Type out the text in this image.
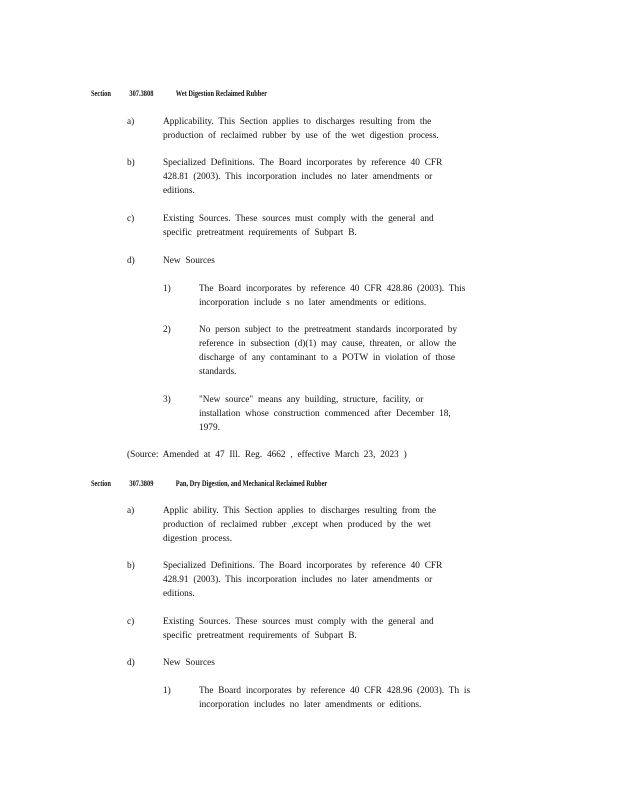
Section 307.3808	Wet Digestion Reclaimed Rubber
a)	Applicability. This Section applies to discharges resulting from the
production of reclaimed rubber by use of the wet digestion process.
b)	Specialized Definitions. The Board incorporates by reference 40 CFR
428.81 (2003). This incorporation includes no later amendments or
editions.
c)	Existing Sources. These sources must comply with the general and
specific pretreatment requirements of Subpart B.
d)	New Sources
1)	The Board incorporates by reference 40 CFR 428.86 (2003). This
incorporation include s no later amendments or editions.
2)	No person subject to the pretreatment standards incorporated by
reference in subsection (d)(1) may cause, threaten, or allow the
discharge of any contaminant to a POTW in violation of those
standards.
3)	"New source" means any building, structure, facility, or
installation whose construction commenced after December 18,
1979.
(Source: Amended at 47 Ill. Reg. 4662 , effective March 23, 2023 )
Section 307.3809	Pan, Dry Digestion, and Mechanical Reclaimed Rubber
a)	Applic ability. This Section applies to discharges resulting from the
production of reclaimed rubber ,except when produced by the wet
digestion process.
b)	Specialized Definitions. The Board incorporates by reference 40 CFR
428.91 (2003). This incorporation includes no later amendments or
editions.
c)	Existing Sources. These sources must comply with the general and
specific pretreatment requirements of Subpart B.
d)	New Sources
1)	The Board incorporates by reference 40 CFR 428.96 (2003). Th is
incorporation includes no later amendments or editions.
